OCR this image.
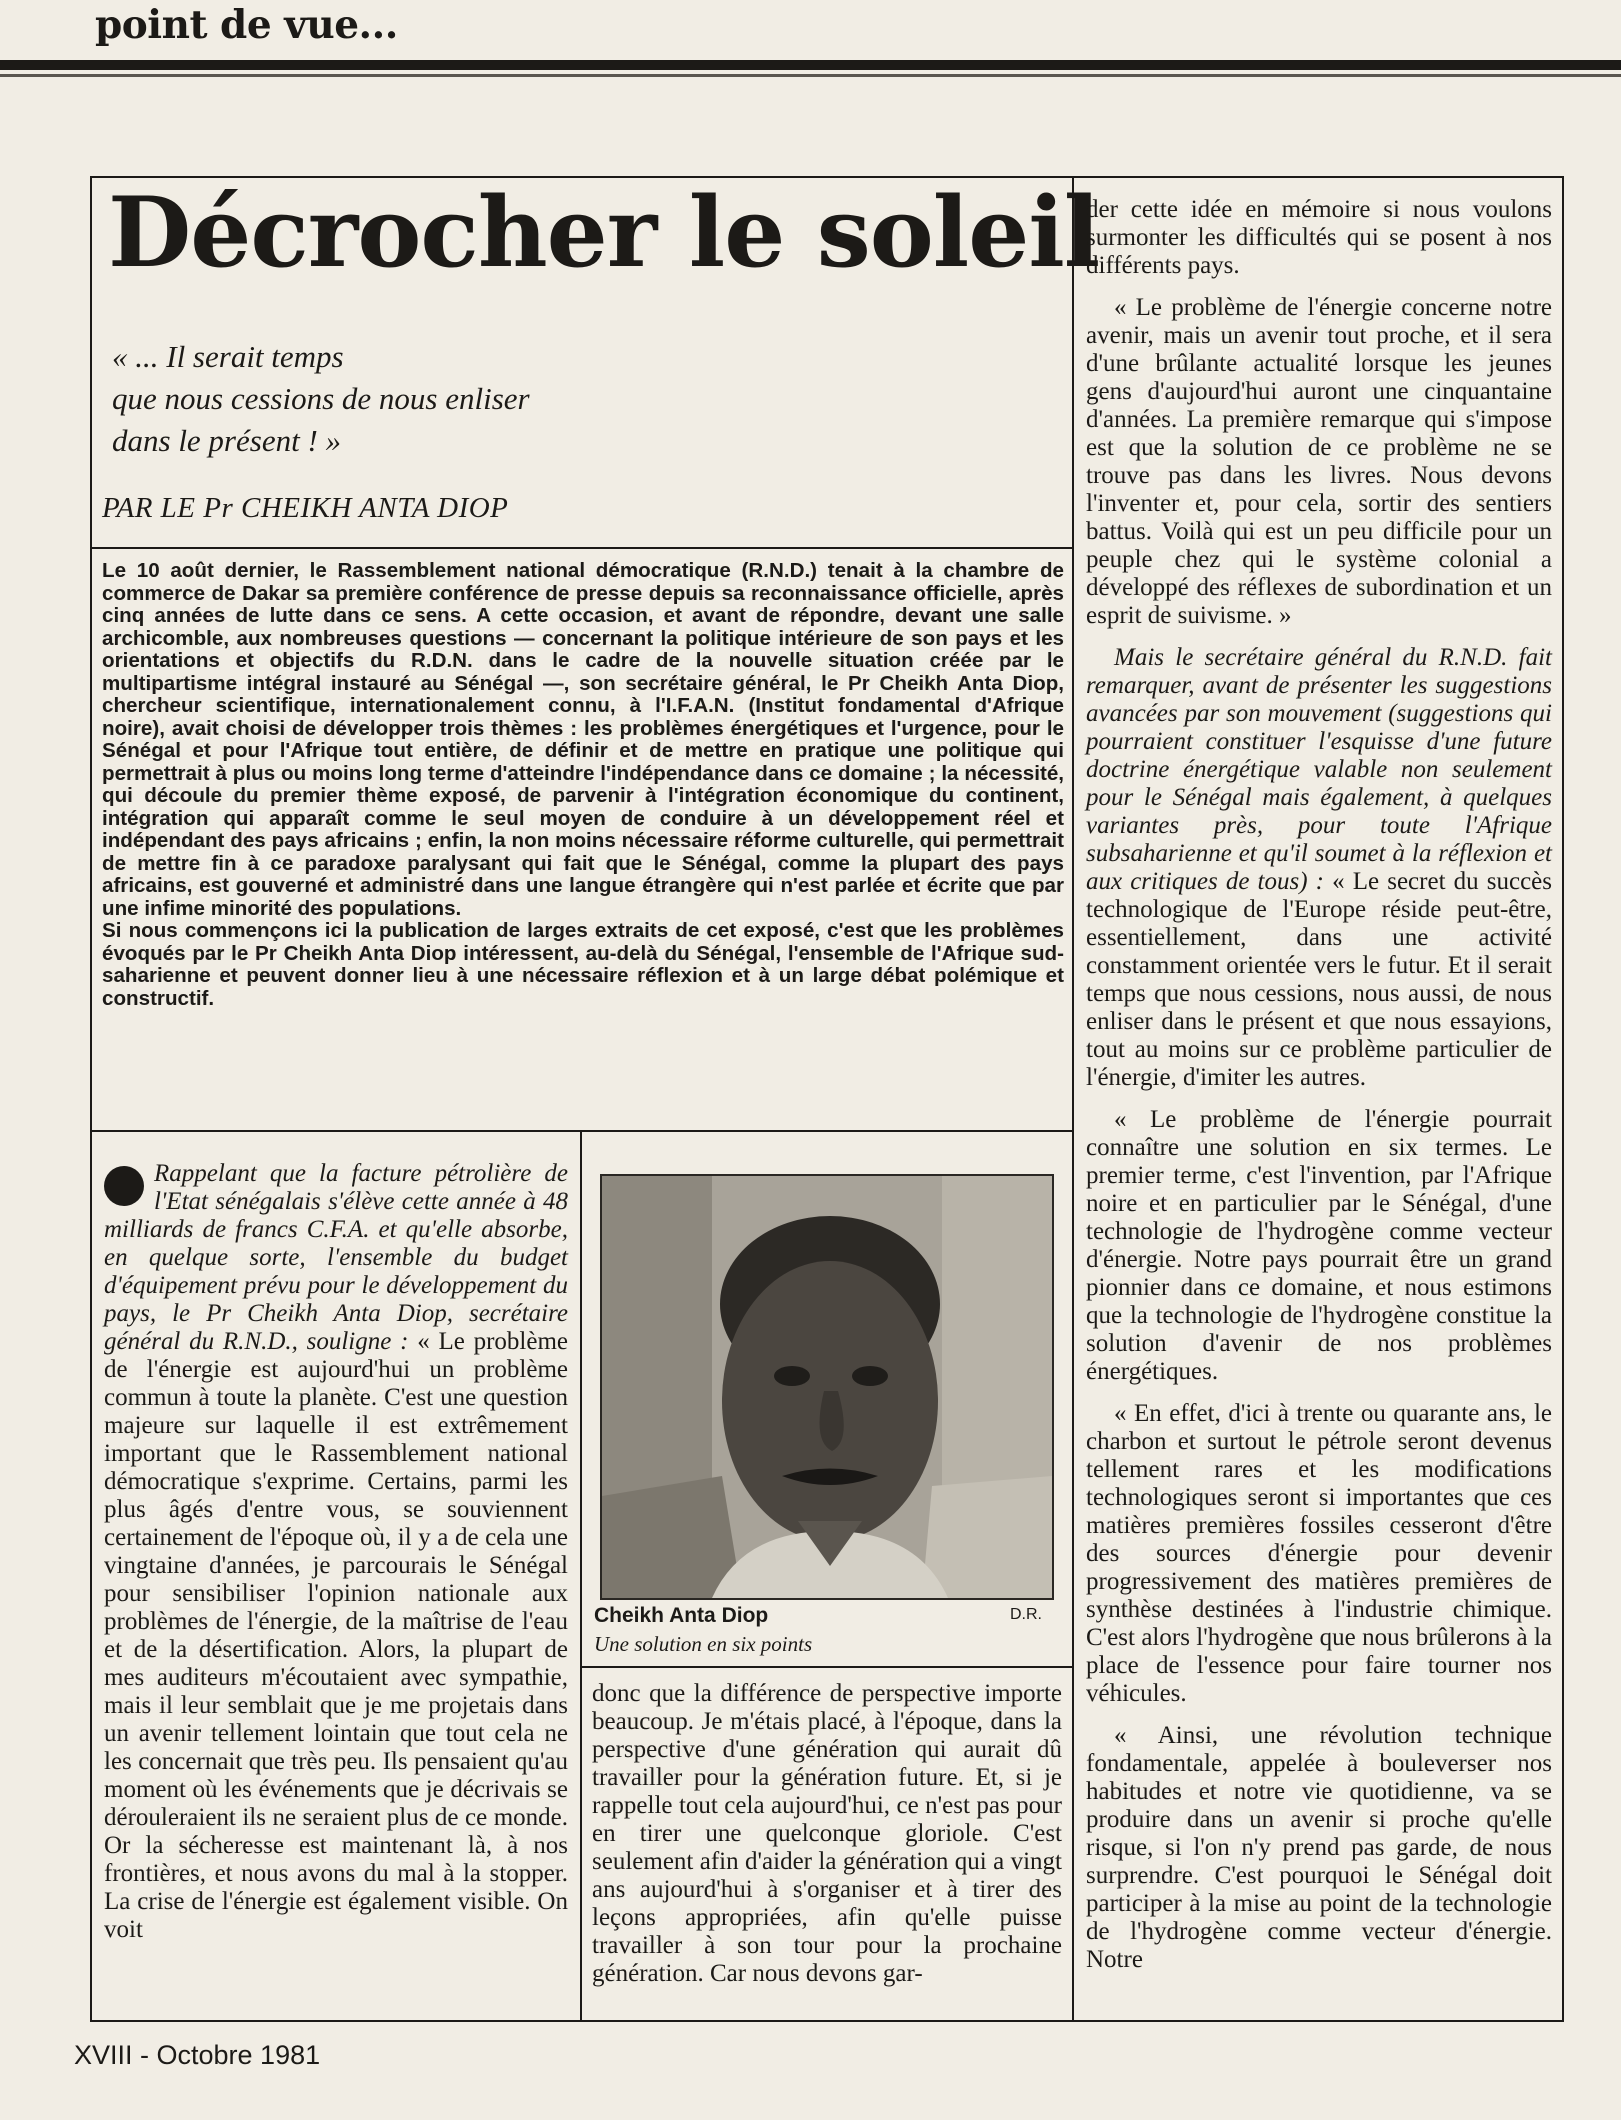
point de vue...
Décrocher le soleil
« ... Il serait temps
que nous cessions de nous enliser
dans le présent ! »
PAR LE Pr CHEIKH ANTA DIOP

Le 10 août dernier, le Rassemblement national démocratique (R.N.D.) tenait à la chambre de commerce de Dakar sa première conférence de presse depuis sa reconnaissance officielle, après cinq années de lutte dans ce sens. A cette occasion, et avant de répondre, devant une salle archicomble, aux nombreuses questions — concernant la politique intérieure de son pays et les orientations et objectifs du R.D.N. dans le cadre de la nouvelle situation créée par le multipartisme intégral instauré au Sénégal —, son secrétaire général, le Pr Cheikh Anta Diop, chercheur scientifique, internationalement connu, à l'I.F.A.N. (Institut fondamental d'Afrique noire), avait choisi de développer trois thèmes : les problèmes énergétiques et l'urgence, pour le Sénégal et pour l'Afrique tout entière, de définir et de mettre en pratique une politique qui permettrait à plus ou moins long terme d'atteindre l'indépendance dans ce domaine ; la nécessité, qui découle du premier thème exposé, de parvenir à l'intégration économique du continent, intégration qui apparaît comme le seul moyen de conduire à un développement réel et indépendant des pays africains ; enfin, la non moins nécessaire réforme culturelle, qui permettrait de mettre fin à ce paradoxe paralysant qui fait que le Sénégal, comme la plupart des pays africains, est gouverné et administré dans une langue étrangère qui n'est parlée et écrite que par une infime minorité des populations.

Si nous commençons ici la publication de larges extraits de cet exposé, c'est que les problèmes évoqués par le Pr Cheikh Anta Diop intéressent, au-delà du Sénégal, l'ensemble de l'Afrique sud-saharienne et peuvent donner lieu à une nécessaire réflexion et à un large débat polémique et constructif.

Rappelant que la facture pétrolière de l'Etat sénégalais s'élève cette année à 48 milliards de francs C.F.A. et qu'elle absorbe, en quelque sorte, l'ensemble du budget d'équipement prévu pour le développement du pays, le Pr Cheikh Anta Diop, secrétaire général du R.N.D., souligne : « Le problème de l'énergie est aujourd'hui un problème commun à toute la planète. C'est une question majeure sur laquelle il est extrêmement important que le Rassemblement national démocratique s'exprime. Certains, parmi les plus âgés d'entre vous, se souviennent certainement de l'époque où, il y a de cela une vingtaine d'années, je parcourais le Sénégal pour sensibiliser l'opinion nationale aux problèmes de l'énergie, de la maîtrise de l'eau et de la désertification. Alors, la plupart de mes auditeurs m'écoutaient avec sympathie, mais il leur semblait que je me projetais dans un avenir tellement lointain que tout cela ne les concernait que très peu. Ils pensaient qu'au moment où les événements que je décrivais se dérouleraient ils ne seraient plus de ce monde. Or la sécheresse est maintenant là, à nos frontières, et nous avons du mal à la stopper. La crise de l'énergie est également visible. On voit

Cheikh Anta Diop	D.R.
Une solution en six points

donc que la différence de perspective importe beaucoup. Je m'étais placé, à l'époque, dans la perspective d'une génération qui aurait dû travailler pour la génération future. Et, si je rappelle tout cela aujourd'hui, ce n'est pas pour en tirer une quelconque gloriole. C'est seulement afin d'aider la génération qui a vingt ans aujourd'hui à s'organiser et à tirer des leçons appropriées, afin qu'elle puisse travailler à son tour pour la prochaine génération. Car nous devons gar-

der cette idée en mémoire si nous voulons surmonter les difficultés qui se posent à nos différents pays.

« Le problème de l'énergie concerne notre avenir, mais un avenir tout proche, et il sera d'une brûlante actualité lorsque les jeunes gens d'aujourd'hui auront une cinquantaine d'années. La première remarque qui s'impose est que la solution de ce problème ne se trouve pas dans les livres. Nous devons l'inventer et, pour cela, sortir des sentiers battus. Voilà qui est un peu difficile pour un peuple chez qui le système colonial a développé des réflexes de subordination et un esprit de suivisme. »

Mais le secrétaire général du R.N.D. fait remarquer, avant de présenter les suggestions avancées par son mouvement (suggestions qui pourraient constituer l'esquisse d'une future doctrine énergétique valable non seulement pour le Sénégal mais également, à quelques variantes près, pour toute l'Afrique subsaharienne et qu'il soumet à la réflexion et aux critiques de tous) : « Le secret du succès technologique de l'Europe réside peut-être, essentiellement, dans une activité constamment orientée vers le futur. Et il serait temps que nous cessions, nous aussi, de nous enliser dans le présent et que nous essayions, tout au moins sur ce problème particulier de l'énergie, d'imiter les autres.

« Le problème de l'énergie pourrait connaître une solution en six termes. Le premier terme, c'est l'invention, par l'Afrique noire et en particulier par le Sénégal, d'une technologie de l'hydrogène comme vecteur d'énergie. Notre pays pourrait être un grand pionnier dans ce domaine, et nous estimons que la technologie de l'hydrogène constitue la solution d'avenir de nos problèmes énergétiques.

« En effet, d'ici à trente ou quarante ans, le charbon et surtout le pétrole seront devenus tellement rares et les modifications technologiques seront si importantes que ces matières premières fossiles cesseront d'être des sources d'énergie pour devenir progressivement des matières premières de synthèse destinées à l'industrie chimique. C'est alors l'hydrogène que nous brûlerons à la place de l'essence pour faire tourner nos véhicules.

« Ainsi, une révolution technique fondamentale, appelée à bouleverser nos habitudes et notre vie quotidienne, va se produire dans un avenir si proche qu'elle risque, si l'on n'y prend pas garde, de nous surprendre. C'est pourquoi le Sénégal doit participer à la mise au point de la technologie de l'hydrogène comme vecteur d'énergie. Notre

XVIII - Octobre 1981
